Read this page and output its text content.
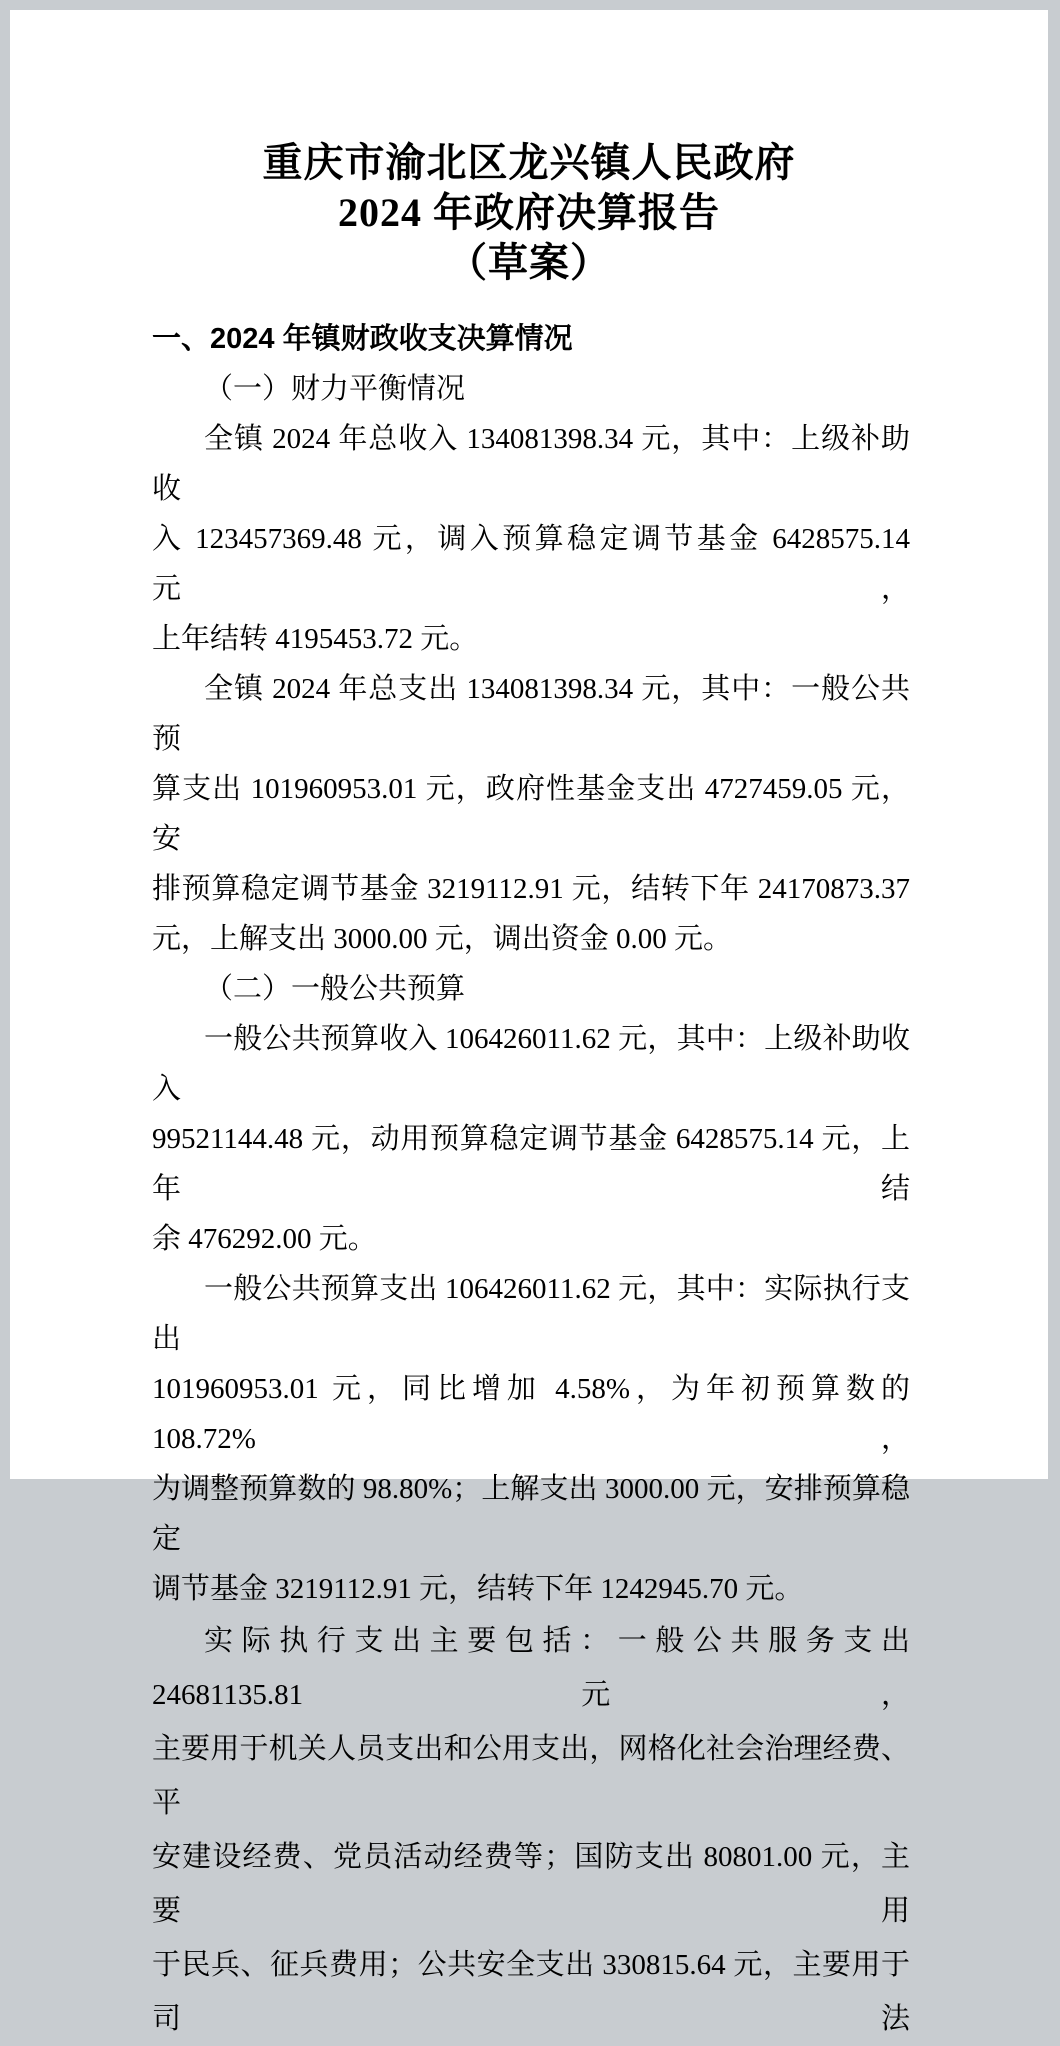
重庆市渝北区龙兴镇人民政府
2024 年政府决算报告
（草案）
一、2024 年镇财政收支决算情况
（一）财力平衡情况
全镇 2024 年总收入 134081398.34 元，其中：上级补助收
入 123457369.48 元，调入预算稳定调节基金 6428575.14 元，
上年结转 4195453.72 元。
全镇 2024 年总支出 134081398.34 元，其中：一般公共预
算支出 101960953.01 元，政府性基金支出 4727459.05 元，安
排预算稳定调节基金 3219112.91 元，结转下年 24170873.37
元，上解支出 3000.00 元，调出资金 0.00 元。
（二）一般公共预算
一般公共预算收入 106426011.62 元，其中：上级补助收入
99521144.48 元，动用预算稳定调节基金 6428575.14 元，上年结
余 476292.00 元。
一般公共预算支出 106426011.62 元，其中：实际执行支出
101960953.01 元，同比增加 4.58%，为年初预算数的 108.72%，
为调整预算数的 98.80%；上解支出 3000.00 元，安排预算稳定
调节基金 3219112.91 元，结转下年 1242945.70 元。
实际执行支出主要包括：一般公共服务支出 24681135.81 元，
主要用于机关人员支出和公用支出，网格化社会治理经费、平
安建设经费、党员活动经费等；国防支出 80801.00 元，主要用
于民兵、征兵费用；公共安全支出 330815.64 元，主要用于司法
